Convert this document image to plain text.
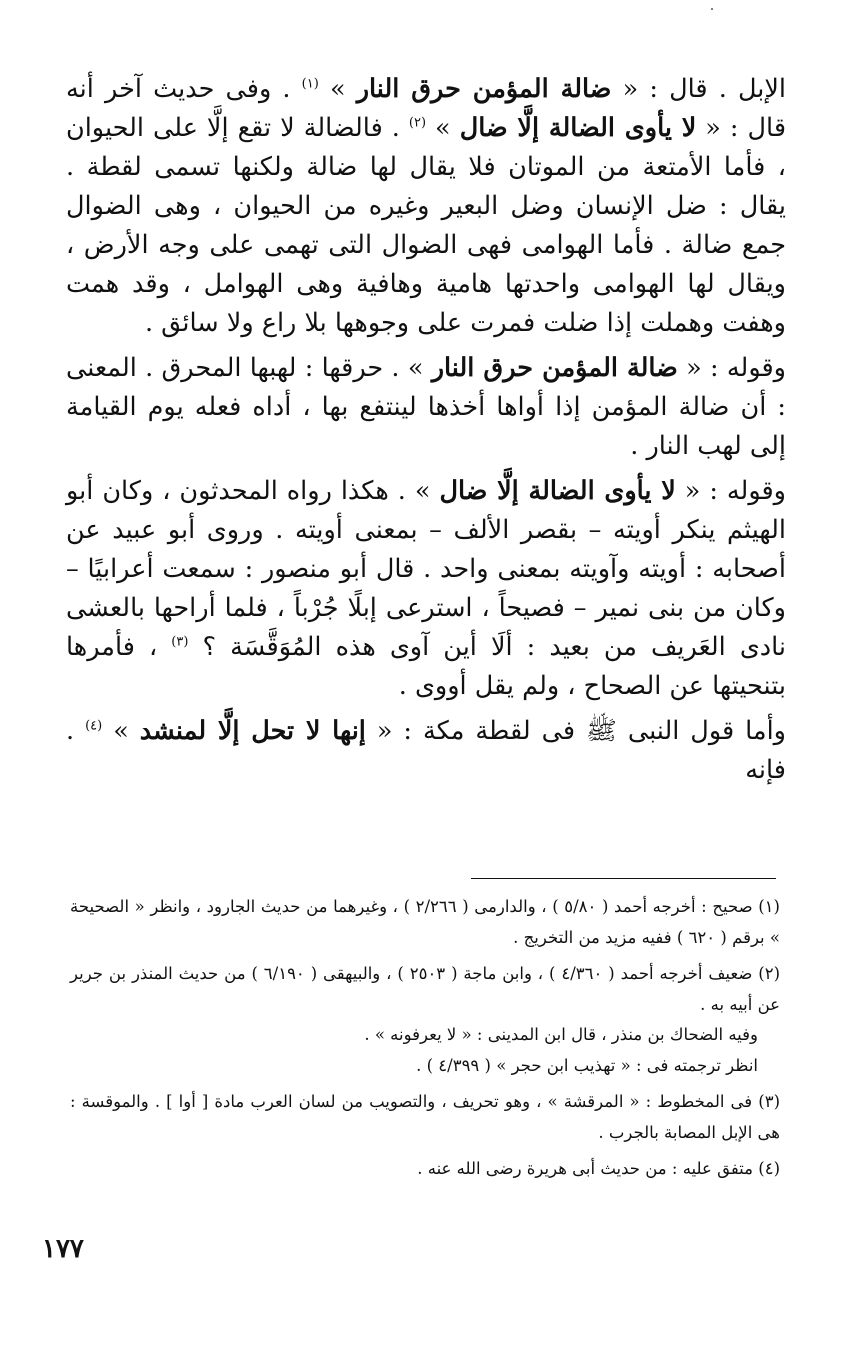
الإبل . قال : « ضالة المؤمن حرق النار » $^{(١)}$ . وفى حديث آخر أنه قال : « لا يأوى الضالة إلَّا ضال » $^{(٢)}$ . فالضالة لا تقع إلَّا على الحيوان ، فأما الأمتعة من الموتان فلا يقال لها ضالة ولكنها تسمى لقطة . يقال : ضل الإنسان وضل البعير وغيره من الحيوان ، وهى الضوال جمع ضالة . فأما الهوامى فهى الضوال التى تهمى على وجه الأرض ، ويقال لها الهوامى واحدتها هامية وهافية وهى الهوامل ، وقد همت وهفت وهملت إذا ضلت فمرت على وجوهها بلا راع ولا سائق .

وقوله : « ضالة المؤمن حرق النار » . حرقها : لهبها المحرق . المعنى : أن ضالة المؤمن إذا أواها أخذها لينتفع بها ، أداه فعله يوم القيامة إلى لهب النار .

وقوله : « لا يأوى الضالة إلَّا ضال » . هكذا رواه المحدثون ، وكان أبو الهيثم ينكر أويته – بقصر الألف – بمعنى أويته . وروى أبو عبيد عن أصحابه : أويته وآويته بمعنى واحد . قال أبو منصور : سمعت أعرابيًا – وكان من بنى نمير – فصيحاً ، استرعى إبلًا جُرْباً ، فلما أراحها بالعشى نادى العَريف من بعيد : ألَا أين آوى هذه المُوَقَّسَة ؟ $^{(٣)}$ ، فأمرها بتنحيتها عن الصحاح ، ولم يقل أووى .

وأما قول النبى ﷺ فى لقطة مكة : « إنها لا تحل إلَّا لمنشد » $^{(٤)}$ . فإنه

(١) صحيح : أخرجه أحمد ( ٥/٨٠ ) ، والدارمى ( ٢/٢٦٦ ) ، وغيرهما من حديث الجارود ، وانظر « الصحيحة » برقم ( ٦٢٠ ) ففيه مزيد من التخريج .

(٢) ضعيف أخرجه أحمد ( ٤/٣٦٠ ) ، وابن ماجة ( ٢٥٠٣ ) ، والبيهقى ( ٦/١٩٠ ) من حديث المنذر بن جرير عن أبيه به .

وفيه الضحاك بن منذر ، قال ابن المدينى : « لا يعرفونه » .

انظر ترجمته فى : « تهذيب ابن حجر » ( ٤/٣٩٩ ) .

(٣) فى المخطوط : « المرقشة » ، وهو تحريف ، والتصويب من لسان العرب مادة [ أوا ] . والموقسة : هى الإبل المصابة بالجرب .

(٤) متفق عليه : من حديث أبى هريرة رضى الله عنه .

١٧٧
